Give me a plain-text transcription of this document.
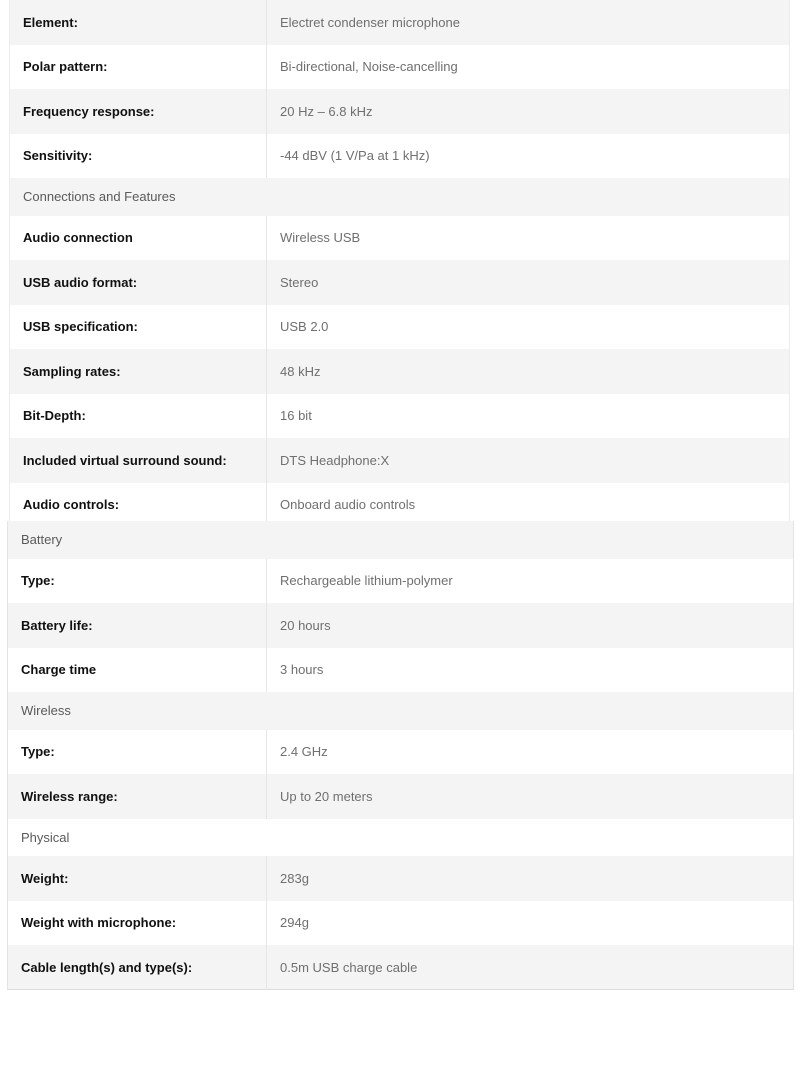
Element:	Electret condenser microphone
Polar pattern:	Bi-directional, Noise-cancelling
Frequency response:	20 Hz – 6.8 kHz
Sensitivity:	-44 dBV (1 V/Pa at 1 kHz)
Connections and Features	
Audio connection	Wireless USB
USB audio format:	Stereo
USB specification:	USB 2.0
Sampling rates:	48 kHz
Bit-Depth:	16 bit
Included virtual surround sound:	DTS Headphone:X
Audio controls:	Onboard audio controls
Battery	
Type:	Rechargeable lithium-polymer
Battery life:	20 hours
Charge time	3 hours
Wireless	
Type:	2.4 GHz
Wireless range:	Up to 20 meters
Physical	
Weight:	283g
Weight with microphone:	294g
Cable length(s) and type(s):	0.5m USB charge cable
